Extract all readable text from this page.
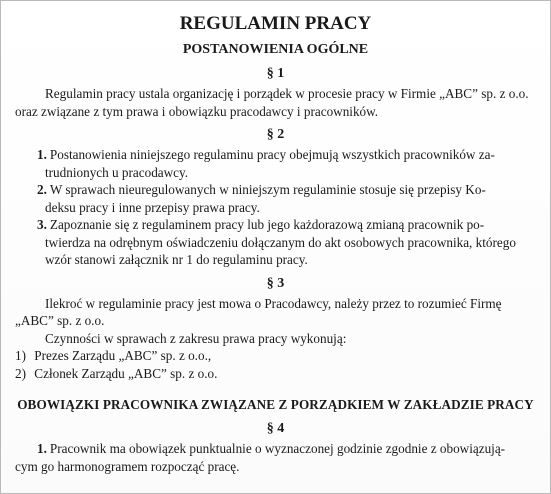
REGULAMIN PRACY
POSTANOWIENIA OGÓLNE
§ 1

Regulamin pracy ustala organizację i porządek w procesie pracy w Firmie „ABC” sp. z o.o.

oraz związane z tym prawa i obowiązku pracodawcy i pracowników.

§ 2

1. Postanowienia niniejszego regulaminu pracy obejmują wszystkich pracowników za-

trudnionych u pracodawcy.

2. W sprawach nieuregulowanych w niniejszym regulaminie stosuje się przepisy Ko-

deksu pracy i inne przepisy prawa pracy.

3. Zapoznanie się z regulaminem pracy lub jego każdorazową zmianą pracownik po-

twierdza na odrębnym oświadczeniu dołączanym do akt osobowych pracownika, którego

wzór stanowi załącznik nr 1 do regulaminu pracy.

§ 3

Ilekroć w regulaminie pracy jest mowa o Pracodawcy, należy przez to rozumieć Firmę

„ABC” sp. z o.o.

Czynności w sprawach z zakresu prawa pracy wykonują:

1) Prezes Zarządu „ABC” sp. z o.o.,

2) Członek Zarządu „ABC” sp. z o.o.

OBOWIĄZKI PRACOWNIKA ZWIĄZANE Z PORZĄDKIEM W ZAKŁADZIE PRACY
§ 4

1. Pracownik ma obowiązek punktualnie o wyznaczonej godzinie zgodnie z obowiązują-

cym go harmonogramem rozpocząć pracę.
